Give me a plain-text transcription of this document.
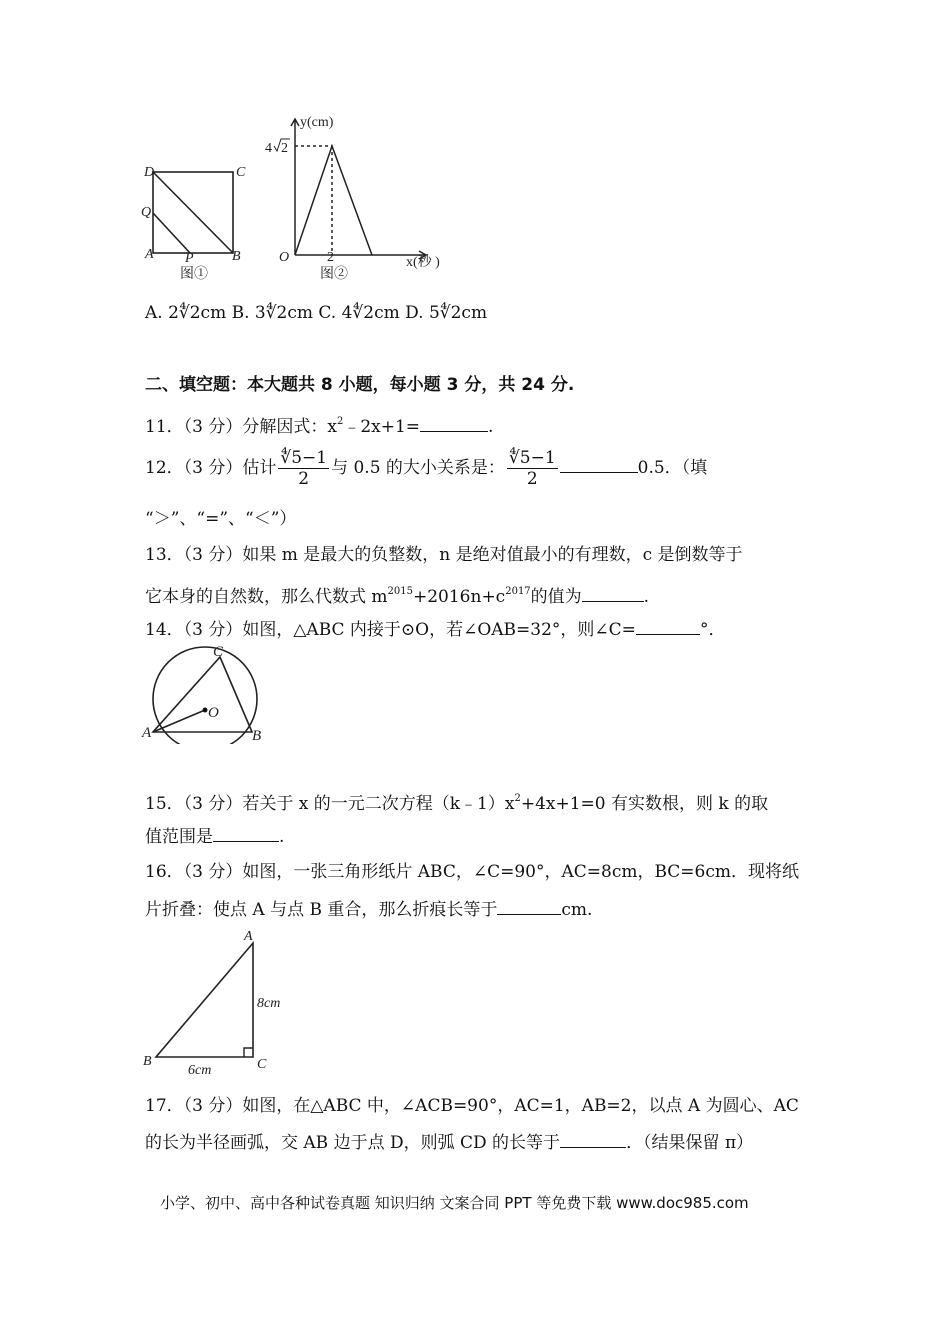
D	C
Q
A P	B
图①
y(cm)
4 2
O	2	x(秒 )
图②
A. 2∜2cm B. 3∜2cm C. 4∜2cm D. 5∜2cm
二、填空题：本大题共 8 小题，每小题 3 分，共 24 分.
11．（3 分）分解因式：$x^2﹣2x+1=$	.
12．（3 分）估计 $\frac{∜5-1}{2}$ 与 0.5 的大小关系是： $\frac{∜5-1}{2}$	0.5．（填
“＞”、“=”、“＜”）
13．（3 分）如果 m 是最大的负整数，n 是绝对值最小的有理数，c 是倒数等于
它本身的自然数，那么代数式 $m^{2015}+2016n+c^{2017}$的值为	.
14．（3 分）如图，△ABC 内接于⊙O，若∠OAB=32°，则∠C=	°．
C
O
A	B
15．（3 分）若关于 x 的一元二次方程$(k﹣1)x^2+4x+1=0$ 有实数根，则 k 的取
值范围是	.
16．（3 分）如图，一张三角形纸片 ABC，∠C=90°，AC=8cm，BC=6cm．现将纸
片折叠：使点 A 与点 B 重合，那么折痕长等于	cm.
A
B	C
8cm
6cm
17．（3 分）如图，在△ABC 中，∠ACB=90°，AC=1，AB=2，以点 A 为圆心、AC
的长为半径画弧，交 AB 边于点 D，则弧 CD 的长等于	．（结果保留 π）
小学、初中、高中各种试卷真题 知识归纳 文案合同 PPT 等免费下载 www.doc985.com
